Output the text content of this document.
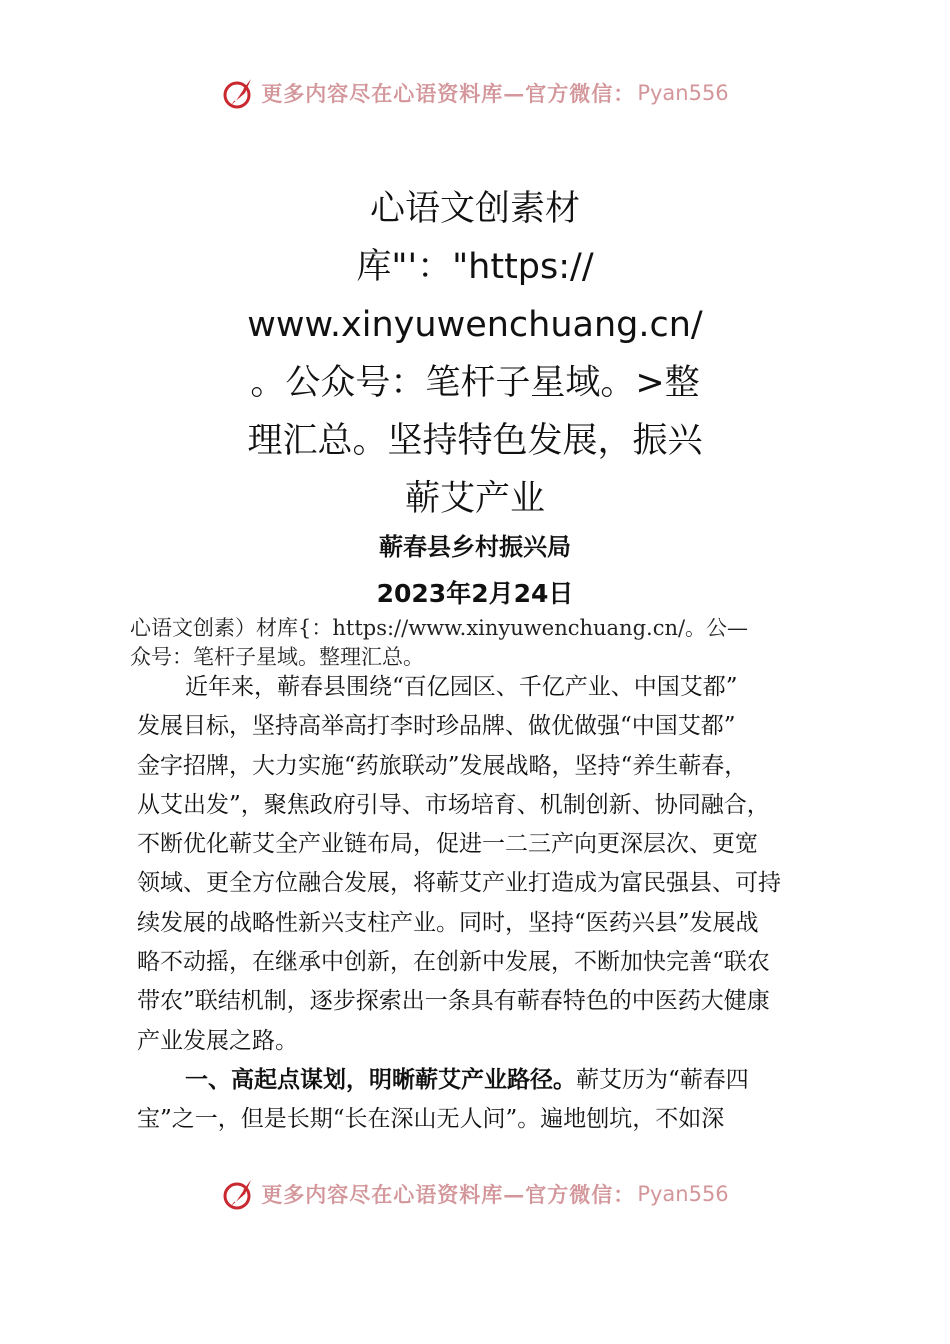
更多内容尽在心语资料库—官方微信： Pyan556
心语文创素材
库"'："https://
www.xinyuwenchuang.cn/
。公众号：笔杆子星域。>整
理汇总。坚持特色发展，振兴
蕲艾产业
蕲春县乡村振兴局
2023年2月24日
心语文创素）材库{：https://www.xinyuwenchuang.cn/。公—
众号：笔杆子星域。整理汇总。
近年来，蕲春县围绕“百亿园区、千亿产业、中国艾都”
发展目标，坚持高举高打李时珍品牌、做优做强“中国艾都”
金字招牌，大力实施“药旅联动”发展战略，坚持“养生蕲春，
从艾出发”，聚焦政府引导、市场培育、机制创新、协同融合，
不断优化蕲艾全产业链布局，促进一二三产向更深层次、更宽
领域、更全方位融合发展，将蕲艾产业打造成为富民强县、可持
续发展的战略性新兴支柱产业。同时，坚持“医药兴县”发展战
略不动摇，在继承中创新，在创新中发展，不断加快完善“联农
带农”联结机制，逐步探索出一条具有蕲春特色的中医药大健康
产业发展之路。
一、高起点谋划，明晰蕲艾产业路径。蕲艾历为“蕲春四
宝”之一，但是长期“长在深山无人问”。遍地刨坑，不如深
更多内容尽在心语资料库—官方微信： Pyan556
